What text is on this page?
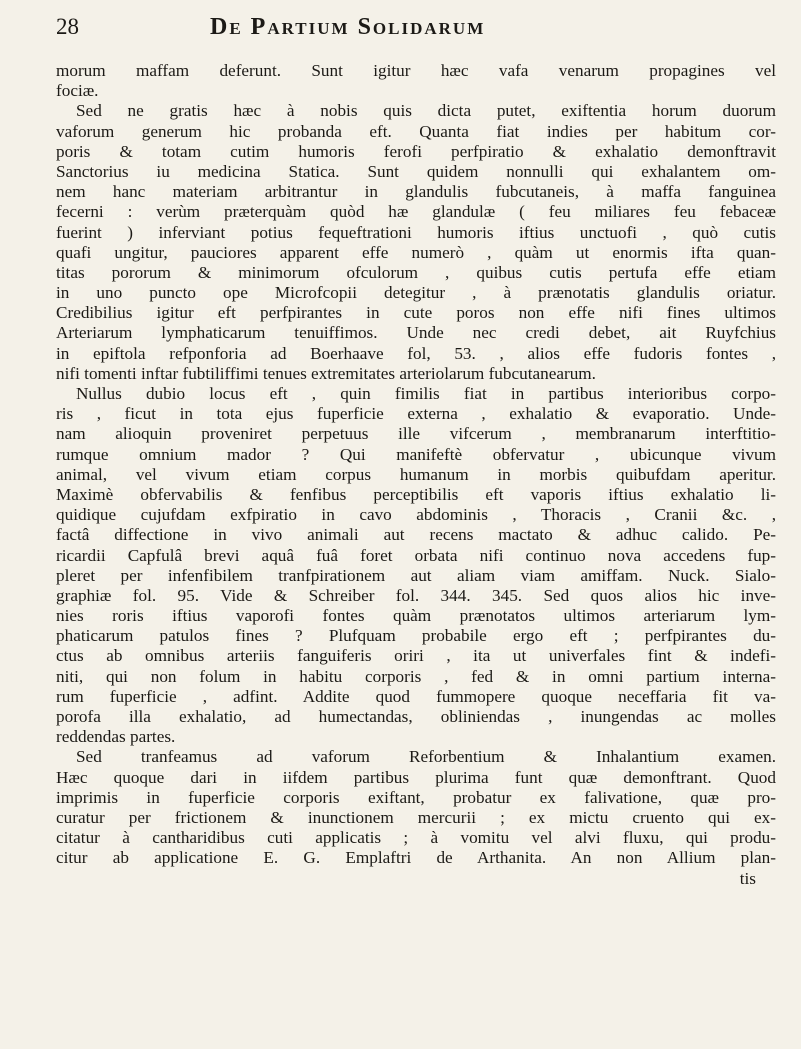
28	De Partium Solidarum
morum maffam deferunt. Sunt igitur hæc vafa venarum propagines vel
fociæ.
Sed ne gratis hæc à nobis quis dicta putet, exiftentia horum duorum
vaforum generum hic probanda eft. Quanta fiat indies per habitum cor-
poris & totam cutim humoris ferofi perfpiratio & exhalatio demonftravit
Sanctorius iu medicina Statica. Sunt quidem nonnulli qui exhalantem om-
nem hanc materiam arbitrantur in glandulis fubcutaneis, à maffa fanguinea
fecerni : verùm præterquàm quòd hæ glandulæ ( feu miliares feu febaceæ
fuerint ) inferviant potius fequeftrationi humoris iftius unctuofi , quò cutis
quafi ungitur, pauciores apparent effe numerò , quàm ut enormis ifta quan-
titas pororum & minimorum ofculorum , quibus cutis pertufa effe etiam
in uno puncto ope Microfcopii detegitur , à prænotatis glandulis oriatur.
Credibilius igitur eft perfpirantes in cute poros non effe nifi fines ultimos
Arteriarum lymphaticarum tenuiffimos. Unde nec credi debet, ait Ruyfchius
in epiftola refponforia ad Boerhaave fol, 53. , alios effe fudoris fontes ,
nifi tomenti inftar fubtiliffimi tenues extremitates arteriolarum fubcutanearum.
Nullus dubio locus eft , quin fimilis fiat in partibus interioribus corpo-
ris , ficut in tota ejus fuperficie externa , exhalatio & evaporatio. Unde-
nam alioquin proveniret perpetuus ille vifcerum , membranarum interftitio-
rumque omnium mador ? Qui manifeftè obfervatur , ubicunque vivum
animal, vel vivum etiam corpus humanum in morbis quibufdam aperitur.
Maximè obfervabilis & fenfibus perceptibilis eft vaporis iftius exhalatio li-
quidique cujufdam exfpiratio in cavo abdominis , Thoracis , Cranii &c. ,
factâ diffectione in vivo animali aut recens mactato & adhuc calido. Pe-
ricardii Capfulâ brevi aquâ fuâ foret orbata nifi continuo nova accedens fup-
pleret per infenfibilem tranfpirationem aut aliam viam amiffam. Nuck. Sialo-
graphiæ fol. 95. Vide & Schreiber fol. 344. 345. Sed quos alios hic inve-
nies roris iftius vaporofi fontes quàm prænotatos ultimos arteriarum lym-
phaticarum patulos fines ? Plufquam probabile ergo eft ; perfpirantes du-
ctus ab omnibus arteriis fanguiferis oriri , ita ut univerfales fint & indefi-
niti, qui non folum in habitu corporis , fed & in omni partium interna-
rum fuperficie , adfint. Addite quod fummopere quoque neceffaria fit va-
porofa illa exhalatio, ad humectandas, obliniendas , inungendas ac molles
reddendas partes.
Sed tranfeamus ad vaforum Reforbentium & Inhalantium examen.
Hæc quoque dari in iifdem partibus plurima funt quæ demonftrant. Quod
imprimis in fuperficie corporis exiftant, probatur ex falivatione, quæ pro-
curatur per frictionem & inunctionem mercurii ; ex mictu cruento qui ex-
citatur à cantharidibus cuti applicatis ; à vomitu vel alvi fluxu, qui produ-
citur ab applicatione E. G. Emplaftri de Arthanita. An non Allium plan-
tis
